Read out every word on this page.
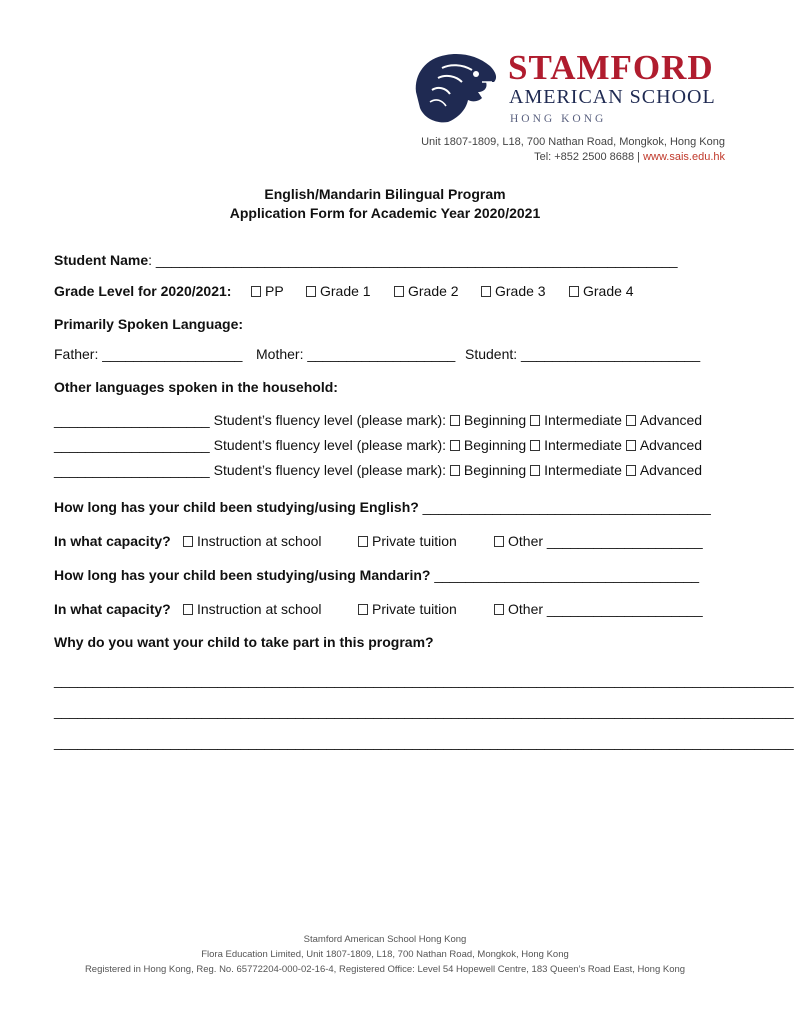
STAMFORD
AMERICAN SCHOOL
HONG KONG
Unit 1807-1809, L18, 700 Nathan Road, Mongkok, Hong Kong
Tel: +852 2500 8688 | www.sais.edu.hk
English/Mandarin Bilingual Program
Application Form for Academic Year 2020/2021
Student Name: ___________________________________________________________________
Grade Level for 2020/2021:	PP	Grade 1	Grade 2	Grade 3	Grade 4
Primarily Spoken Language:
Father: __________________ Mother: ___________________ Student: _______________________
Other languages spoken in the household:
____________________ Student’s fluency level (please mark): Beginning Intermediate Advanced
____________________ Student’s fluency level (please mark): Beginning Intermediate Advanced
____________________ Student’s fluency level (please mark): Beginning Intermediate Advanced
How long has your child been studying/using English? _____________________________________
In what capacity?	Instruction at school	Private tuition	Other ____________________
How long has your child been studying/using Mandarin? __________________________________
In what capacity?	Instruction at school	Private tuition	Other ____________________
Why do you want your child to take part in this program?
_______________________________________________________________________________________________
_______________________________________________________________________________________________
_______________________________________________________________________________________________
Stamford American School Hong Kong
Flora Education Limited, Unit 1807-1809, L18, 700 Nathan Road, Mongkok, Hong Kong
Registered in Hong Kong, Reg. No. 65772204-000-02-16-4, Registered Office: Level 54 Hopewell Centre, 183 Queen’s Road East, Hong Kong
